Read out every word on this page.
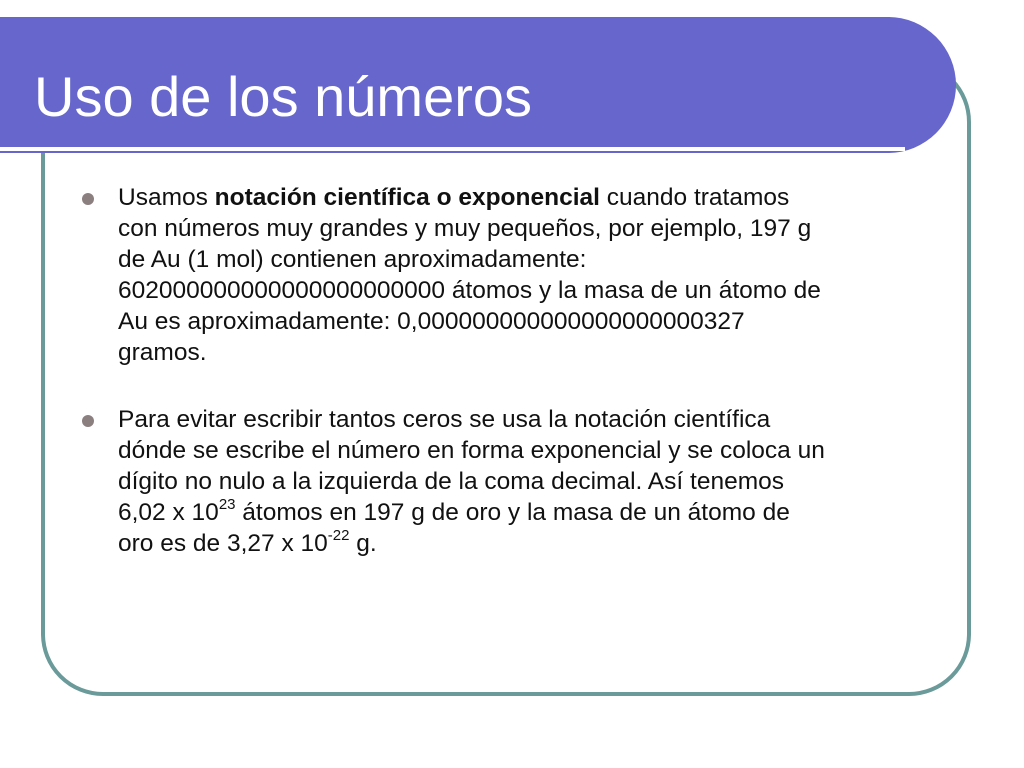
Uso de los números
Usamos notación científica o exponencial cuando tratamos
con números muy grandes y muy pequeños, por ejemplo, 197 g
de Au (1 mol) contienen aproximadamente:
602000000000000000000000 átomos y la masa de un átomo de
Au es aproximadamente: 0,000000000000000000000327
gramos.
Para evitar escribir tantos ceros se usa la notación científica
dónde se escribe el número en forma exponencial y se coloca un
dígito no nulo a la izquierda de la coma decimal. Así tenemos
6,02 x $10^{23}$ átomos en 197 g de oro y la masa de un átomo de
oro es de 3,27 x $10^{-22}$ g.
